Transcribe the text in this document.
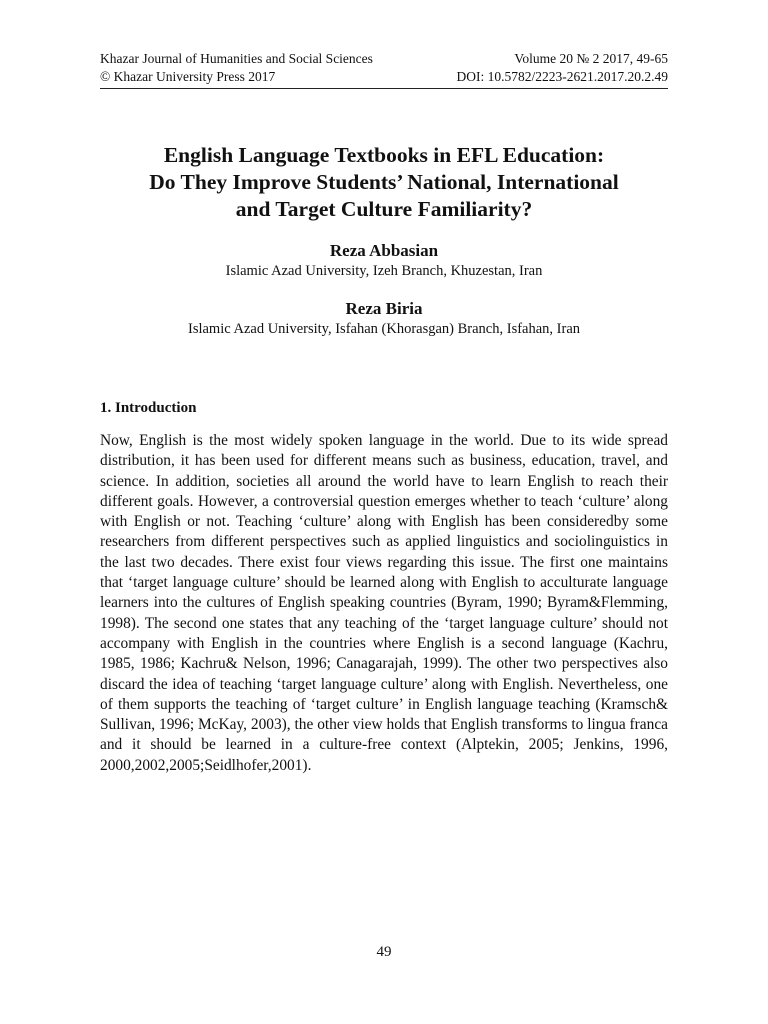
Khazar Journal of Humanities and Social Sciences	Volume 20 № 2 2017, 49-65
© Khazar University Press 2017	DOI: 10.5782/2223-2621.2017.20.2.49
English Language Textbooks in EFL Education:
Do They Improve Students’ National, International
and Target Culture Familiarity?
Reza Abbasian
Islamic Azad University, Izeh Branch, Khuzestan, Iran
Reza Biria
Islamic Azad University, Isfahan (Khorasgan) Branch, Isfahan, Iran
1. Introduction
Now, English is the most widely spoken language in the world. Due to its wide spread distribution, it has been used for different means such as business, education, travel, and science. In addition, societies all around the world have to learn English to reach their different goals. However, a controversial question emerges whether to teach ‘culture’ along with English or not. Teaching ‘culture’ along with English has been consideredby some researchers from different perspectives such as applied linguistics and sociolinguistics in the last two decades. There exist four views regarding this issue. The first one maintains that ‘target language culture’ should be learned along with English to acculturate language learners into the cultures of English speaking countries (Byram, 1990; Byram&Flemming, 1998). The second one states that any teaching of the ‘target language culture’ should not accompany with English in the countries where English is a second language (Kachru, 1985, 1986; Kachru& Nelson, 1996; Canagarajah, 1999). The other two perspectives also discard the idea of teaching ‘target language culture’ along with English. Nevertheless, one of them supports the teaching of ‘target culture’ in English language teaching (Kramsch& Sullivan, 1996; McKay, 2003), the other view holds that English transforms to lingua franca and it should be learned in a culture-free context (Alptekin, 2005; Jenkins, 1996, 2000,2002,2005;Seidlhofer,2001).
49
